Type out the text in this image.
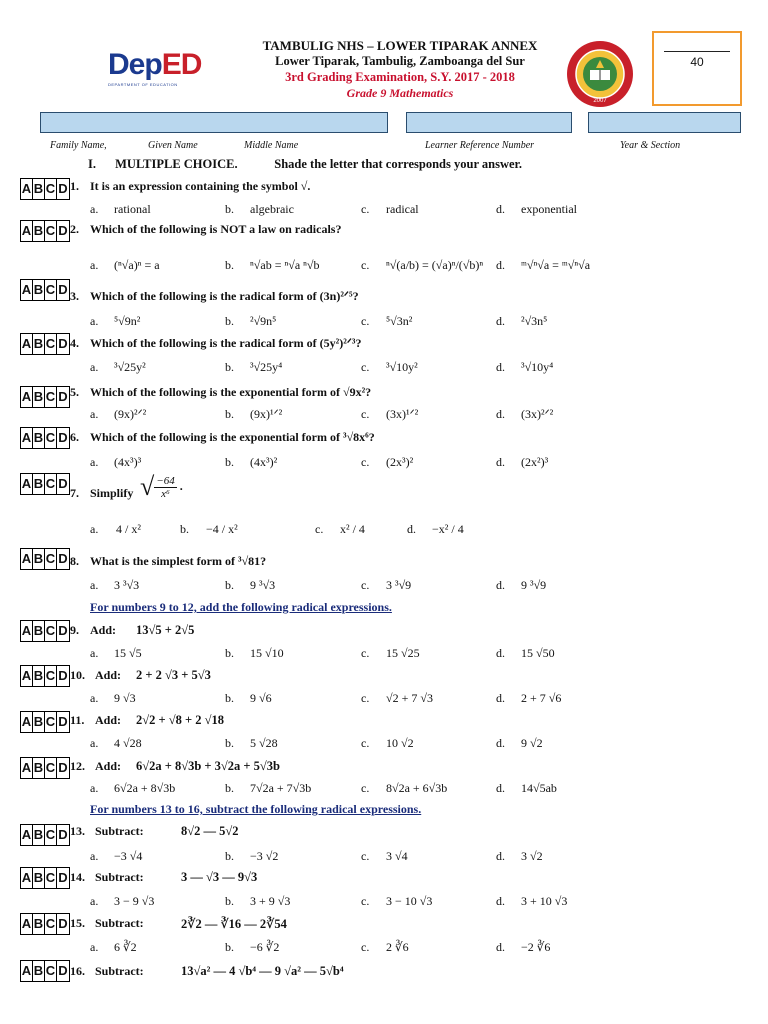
DepED
DEPARTMENT OF EDUCATION
TAMBULIG NHS – LOWER TIPARAK ANNEX
Lower Tiparak, Tambulig, Zamboanga del Sur
3rd Grading Examination, S.Y. 2017 - 2018
Grade 9 Mathematics
2007
40
Family Name,	Given Name	Middle Name	Learner Reference Number	Year & Section
I. MULTIPLE CHOICE.	Shade the letter that corresponds your answer.
A B C D 1. It is an expression containing the symbol √.
a. rational	b. algebraic	c. radical	d. exponential
A B C D 2. Which of the following is NOT a law on radicals?
a. (ⁿ√a)ⁿ = a	b. ⁿ√ab = ⁿ√a ⁿ√b	c. ⁿ√(a/b) = (√a)ⁿ/(√b)ⁿ d. ᵐ√ⁿ√a = ᵐ√ⁿ√a
A B C D 3. Which of the following is the radical form of (3n)²ᐟ⁵?
a. ⁵√9n²	b. ²√9n⁵	c. ⁵√3n²	d. ²√3n⁵
A B C D 4. Which of the following is the radical form of (5y²)²ᐟ³?
a. ³√25y²	b. ³√25y⁴	c. ³√10y²	d. ³√10y⁴
A B C D 5. Which of the following is the exponential form of √9x²?
a. (9x)²ᐟ²	b. (9x)¹ᐟ²	c. (3x)¹ᐟ²	d. (3x)²ᐟ²
A B C D 6. Which of the following is the exponential form of ³√8x⁶?
a. (4x³)³	b. (4x³)²	c. (2x³)²	d. (2x²)³
A B C D
7. Simplify √ $\frac{-64}{\text{x⁶}}$ .
a. 4 / x²	b. −4 / x²	c. x² / 4	d. −x² / 4
A B C D 8. What is the simplest form of ³√81?
a. 3 ³√3	b. 9 ³√3	c. 3 ³√9	d. 9 ³√9
A B C D 9. Add: 13√5 + 2√5
a. 15 √5	b. 15 √10	c. 15 √25	d. 15 √50
A B C D 10. Add: 2 + 2 √3 + 5√3
a. 9 √3	b. 9 √6	c. √2 + 7 √3	d. 2 + 7 √6
A B C D 11. Add: 2√2 + √8 + 2 √18
a. 4 √28	b. 5 √28	c. 10 √2	d. 9 √2
A B C D 12. Add: 6√2a + 8√3b + 3√2a + 5√3b
a. 6√2a + 8√3b	b. 7√2a + 7√3b	c. 8√2a + 6√3b	d. 14√5ab
A B C D 13. Subtract:	8√2 — 5√2
a. −3 √4	b. −3 √2	c. 3 √4	d. 3 √2
A B C D 14. Subtract:	3 — √3 — 9√3
a. 3 − 9 √3	b. 3 + 9 √3	c. 3 − 10 √3	d. 3 + 10 √3
A B C D 15. Subtract:	2∛2 — ∛16 — 2∛54
a. 6 ∛2	b. −6 ∛2	c. 2 ∛6	d. −2 ∛6
A B C D 16. Subtract:	13√a² — 4 √b⁴ — 9 √a² — 5√b⁴
For numbers 9 to 12, add the following radical expressions.
For numbers 13 to 16, subtract the following radical expressions.
